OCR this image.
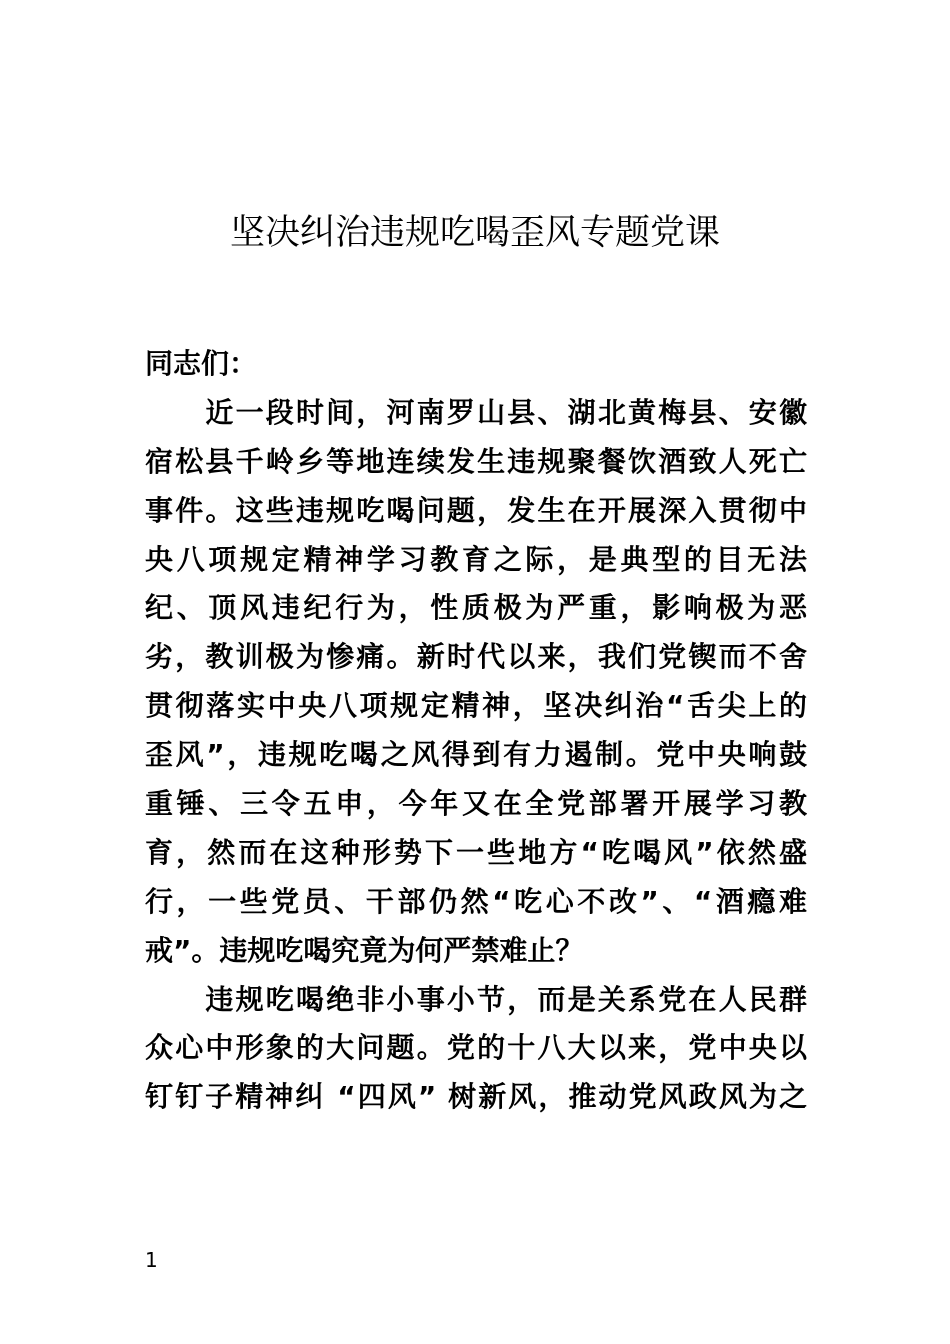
坚决纠治违规吃喝歪风专题党课
同志们：

　　近一段时间，河南罗山县、湖北黄梅县、安徽
宿松县千岭乡等地连续发生违规聚餐饮酒致人死亡
事件。这些违规吃喝问题，发生在开展深入贯彻中
央八项规定精神学习教育之际，是典型的目无法
纪、顶风违纪行为，性质极为严重，影响极为恶
劣，教训极为惨痛。新时代以来，我们党锲而不舍
贯彻落实中央八项规定精神，坚决纠治“舌尖上的
歪风”，违规吃喝之风得到有力遏制。党中央响鼓
重锤、三令五申，今年又在全党部署开展学习教
育，然而在这种形势下一些地方“吃喝风”依然盛
行，一些党员、干部仍然“吃心不改”、“酒瘾难
戒”。违规吃喝究竟为何严禁难止？

　　违规吃喝绝非小事小节，而是关系党在人民群
众心中形象的大问题。党的十八大以来，党中央以
钉钉子精神纠 “四风” 树新风，推动党风政风为之

1
